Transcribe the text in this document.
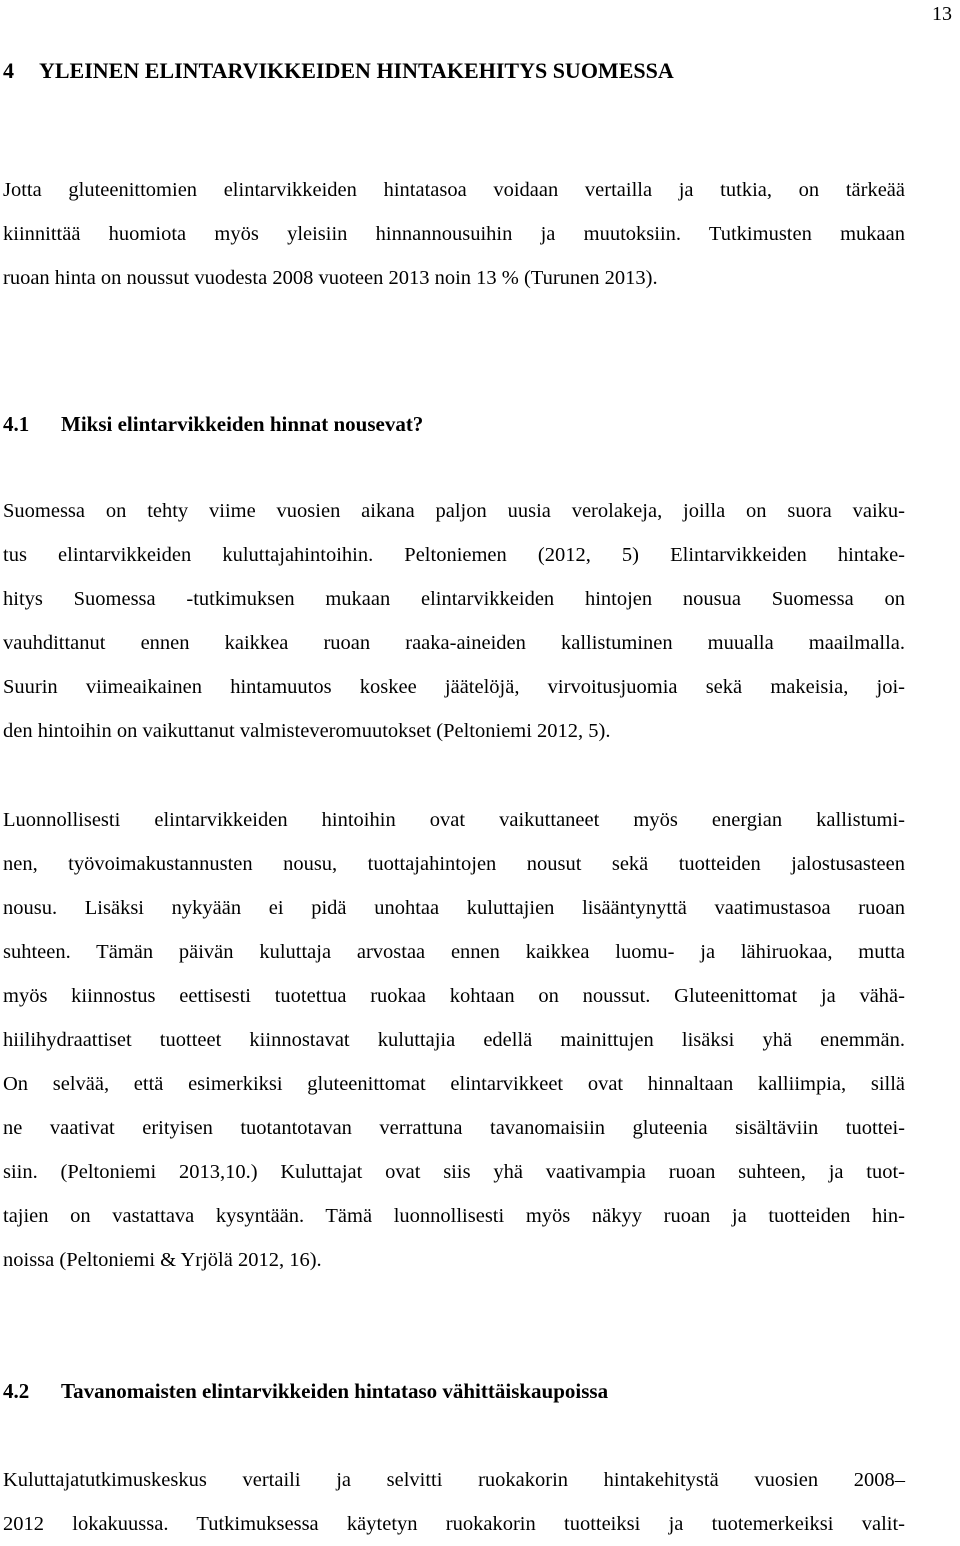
13
4 YLEINEN ELINTARVIKKEIDEN HINTAKEHITYS SUOMESSA
Jotta gluteenittomien elintarvikkeiden hintatasoa voidaan vertailla ja tutkia, on tärkeää
kiinnittää huomiota myös yleisiin hinnannousuihin ja muutoksiin. Tutkimusten mukaan
ruoan hinta on noussut vuodesta 2008 vuoteen 2013 noin 13 % (Turunen 2013).
4.1 Miksi elintarvikkeiden hinnat nousevat?
Suomessa on tehty viime vuosien aikana paljon uusia verolakeja, joilla on suora vaiku-
tus elintarvikkeiden kuluttajahintoihin. Peltoniemen (2012, 5) Elintarvikkeiden hintake-
hitys Suomessa -tutkimuksen mukaan elintarvikkeiden hintojen nousua Suomessa on
vauhdittanut ennen kaikkea ruoan raaka-aineiden kallistuminen muualla maailmalla.
Suurin viimeaikainen hintamuutos koskee jäätelöjä, virvoitusjuomia sekä makeisia, joi-
den hintoihin on vaikuttanut valmisteveromuutokset (Peltoniemi 2012, 5).
Luonnollisesti elintarvikkeiden hintoihin ovat vaikuttaneet myös energian kallistumi-
nen, työvoimakustannusten nousu, tuottajahintojen nousut sekä tuotteiden jalostusasteen
nousu. Lisäksi nykyään ei pidä unohtaa kuluttajien lisääntynyttä vaatimustasoa ruoan
suhteen. Tämän päivän kuluttaja arvostaa ennen kaikkea luomu- ja lähiruokaa, mutta
myös kiinnostus eettisesti tuotettua ruokaa kohtaan on noussut. Gluteenittomat ja vähä-
hiilihydraattiset tuotteet kiinnostavat kuluttajia edellä mainittujen lisäksi yhä enemmän.
On selvää, että esimerkiksi gluteenittomat elintarvikkeet ovat hinnaltaan kalliimpia, sillä
ne vaativat erityisen tuotantotavan verrattuna tavanomaisiin gluteenia sisältäviin tuottei-
siin. (Peltoniemi 2013,10.) Kuluttajat ovat siis yhä vaativampia ruoan suhteen, ja tuot-
tajien on vastattava kysyntään. Tämä luonnollisesti myös näkyy ruoan ja tuotteiden hin-
noissa (Peltoniemi & Yrjölä 2012, 16).
4.2 Tavanomaisten elintarvikkeiden hintataso vähittäiskaupoissa
Kuluttajatutkimuskeskus vertaili ja selvitti ruokakorin hintakehitystä vuosien 2008–
2012 lokakuussa. Tutkimuksessa käytetyn ruokakorin tuotteiksi ja tuotemerkeiksi valit-
